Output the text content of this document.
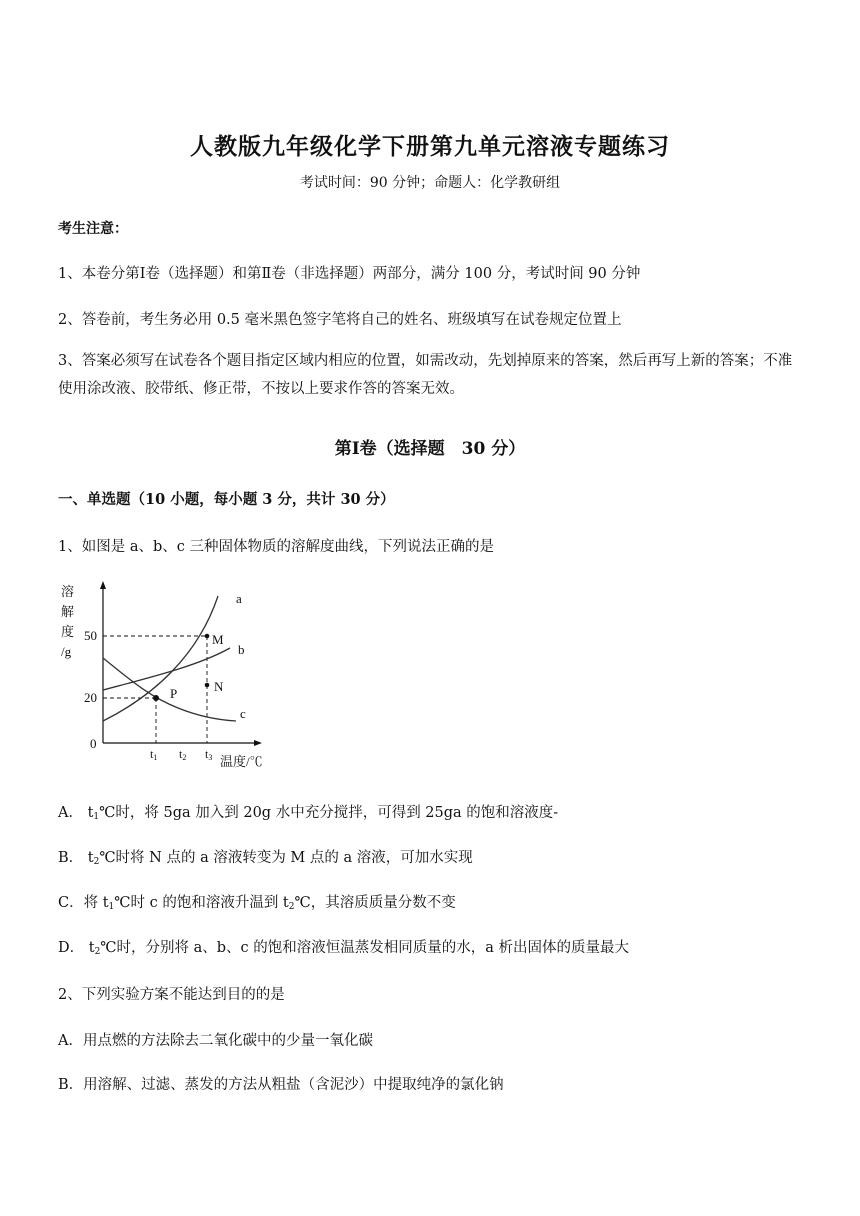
人教版九年级化学下册第九单元溶液专题练习
考试时间：90 分钟；命题人：化学教研组
考生注意：
1、本卷分第Ⅰ卷（选择题）和第Ⅱ卷（非选择题）两部分，满分 100 分，考试时间 90 分钟
2、答卷前，考生务必用 0.5 毫米黑色签字笔将自己的姓名、班级填写在试卷规定位置上
3、答案必须写在试卷各个题目指定区域内相应的位置，如需改动，先划掉原来的答案，然后再写上新的答案；不准使用涂改液、胶带纸、修正带，不按以上要求作答的答案无效。
第Ⅰ卷（选择题　30 分）
一、单选题（10 小题，每小题 3 分，共计 30 分）
1、如图是 a、b、c 三种固体物质的溶解度曲线，下列说法正确的是
溶
解
度
/g
50
20
0
t1 t2 t3 温度/℃
a
b
c
M
N
P
A． $t_1℃$时，将 5ga 加入到 20g 水中充分搅拌，可得到 25ga 的饱和溶液度-
B． $t_2℃$时将 N 点的 a 溶液转变为 M 点的 a 溶液，可加水实现
C．将 $t_1℃$时 c 的饱和溶液升温到 $t_2℃$，其溶质质量分数不变
D． $t_2℃$时，分别将 a、b、c 的饱和溶液恒温蒸发相同质量的水，a 析出固体的质量最大
2、下列实验方案不能达到目的的是
A．用点燃的方法除去二氧化碳中的少量一氧化碳
B．用溶解、过滤、蒸发的方法从粗盐（含泥沙）中提取纯净的氯化钠
